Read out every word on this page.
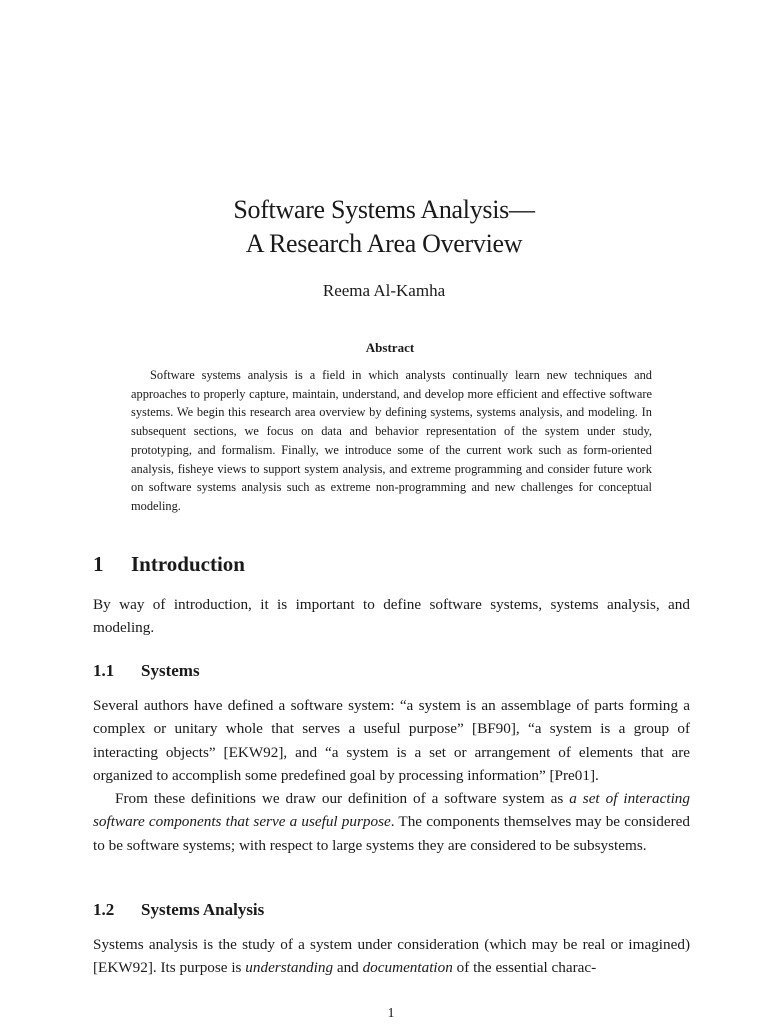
Software Systems Analysis—
A Research Area Overview
Reema Al-Kamha
Abstract
Software systems analysis is a field in which analysts continually learn new techniques and approaches to properly capture, maintain, understand, and develop more efficient and effective software systems. We begin this research area overview by defining systems, systems analysis, and modeling. In subsequent sections, we focus on data and behavior representation of the system under study, prototyping, and formalism. Finally, we introduce some of the current work such as form-oriented analysis, fisheye views to support system analysis, and extreme programming and consider future work on software systems analysis such as extreme non-programming and new challenges for conceptual modeling.
1 Introduction
By way of introduction, it is important to define software systems, systems analysis, and modeling.
1.1 Systems
Several authors have defined a software system: “a system is an assemblage of parts forming a complex or unitary whole that serves a useful purpose” [BF90], “a system is a group of interacting objects” [EKW92], and “a system is a set or arrangement of elements that are organized to accomplish some predefined goal by processing information” [Pre01].
From these definitions we draw our definition of a software system as a set of interacting software components that serve a useful purpose. The components themselves may be considered to be software systems; with respect to large systems they are considered to be subsystems.
1.2 Systems Analysis
Systems analysis is the study of a system under consideration (which may be real or imagined) [EKW92]. Its purpose is understanding and documentation of the essential charac-
1
